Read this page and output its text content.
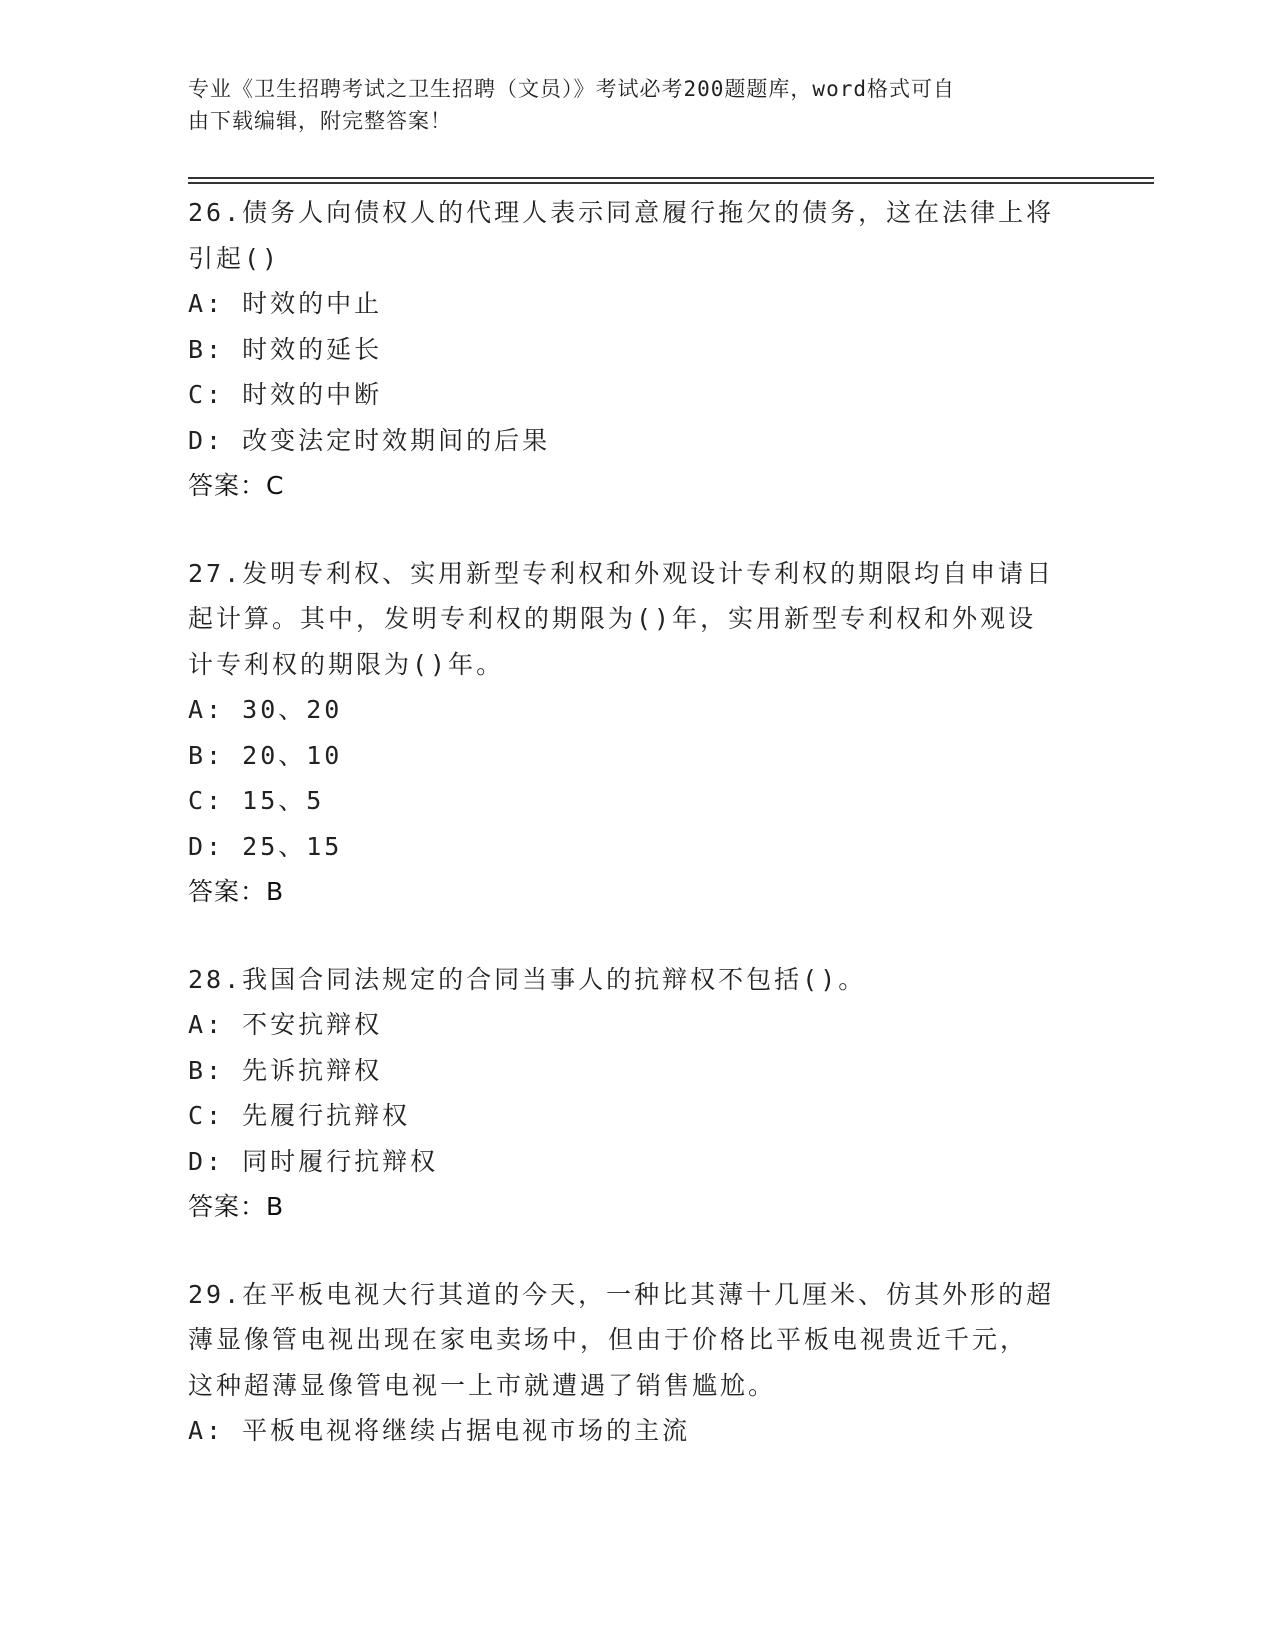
专业《卫生招聘考试之卫生招聘（文员）》考试必考200题题库，word格式可自
由下载编辑，附完整答案！
26.债务人向债权人的代理人表示同意履行拖欠的债务，这在法律上将
引起()
A: 时效的中止
B: 时效的延长
C: 时效的中断
D: 改变法定时效期间的后果
答案：C
27.发明专利权、实用新型专利权和外观设计专利权的期限均自申请日
起计算。其中，发明专利权的期限为()年，实用新型专利权和外观设
计专利权的期限为()年。
A: 30、20
B: 20、10
C: 15、5
D: 25、15
答案：B
28.我国合同法规定的合同当事人的抗辩权不包括()。
A: 不安抗辩权
B: 先诉抗辩权
C: 先履行抗辩权
D: 同时履行抗辩权
答案：B
29.在平板电视大行其道的今天，一种比其薄十几厘米、仿其外形的超
薄显像管电视出现在家电卖场中，但由于价格比平板电视贵近千元，
这种超薄显像管电视一上市就遭遇了销售尴尬。
A: 平板电视将继续占据电视市场的主流
